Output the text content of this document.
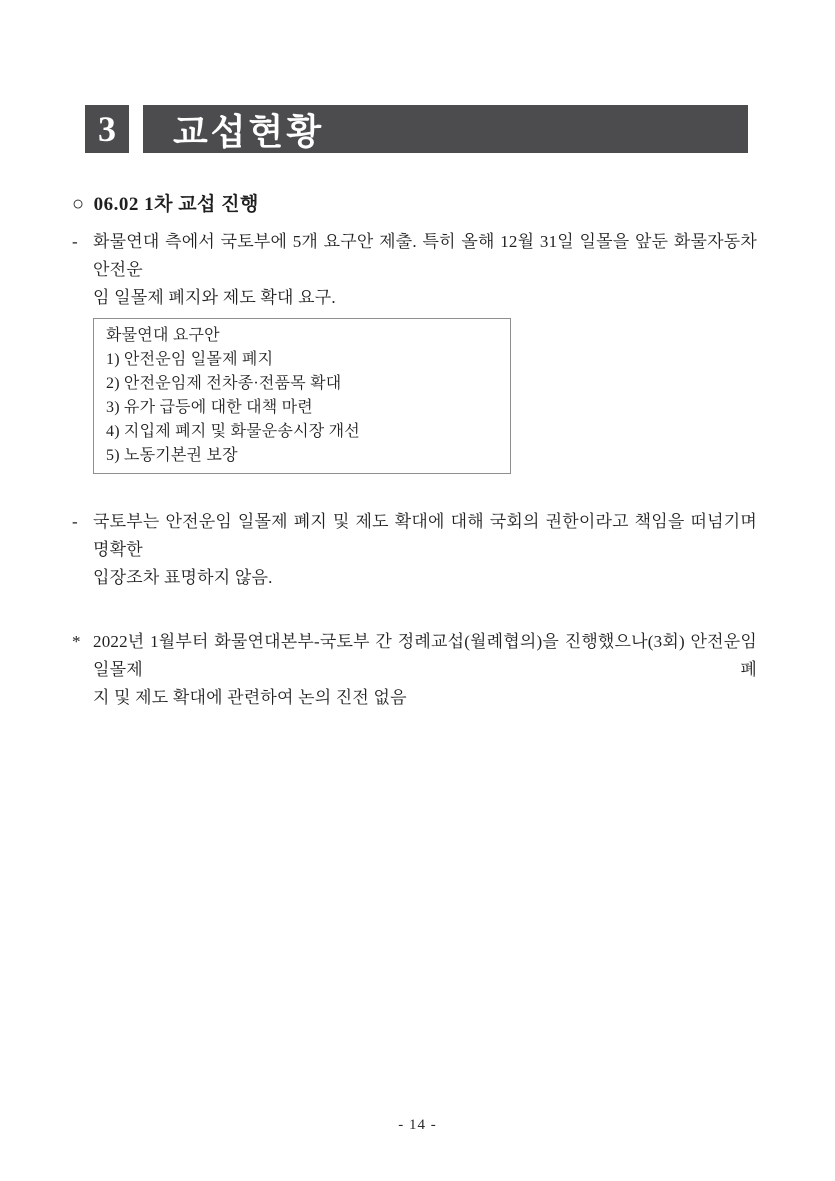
3 교섭현황
○ 06.02 1차 교섭 진행
- 화물연대 측에서 국토부에 5개 요구안 제출. 특히 올해 12월 31일 일몰을 앞둔 화물자동차 안전운
임 일몰제 폐지와 제도 확대 요구.
화물연대 요구안
1) 안전운임 일몰제 폐지
2) 안전운임제 전차종·전품목 확대
3) 유가 급등에 대한 대책 마련
4) 지입제 폐지 및 화물운송시장 개선
5) 노동기본권 보장
- 국토부는 안전운임 일몰제 폐지 및 제도 확대에 대해 국회의 권한이라고 책임을 떠넘기며 명확한
입장조차 표명하지 않음.
* 2022년 1월부터 화물연대본부-국토부 간 정례교섭(월례협의)을 진행했으나(3회) 안전운임 일몰제 폐
지 및 제도 확대에 관련하여 논의 진전 없음
- 14 -
